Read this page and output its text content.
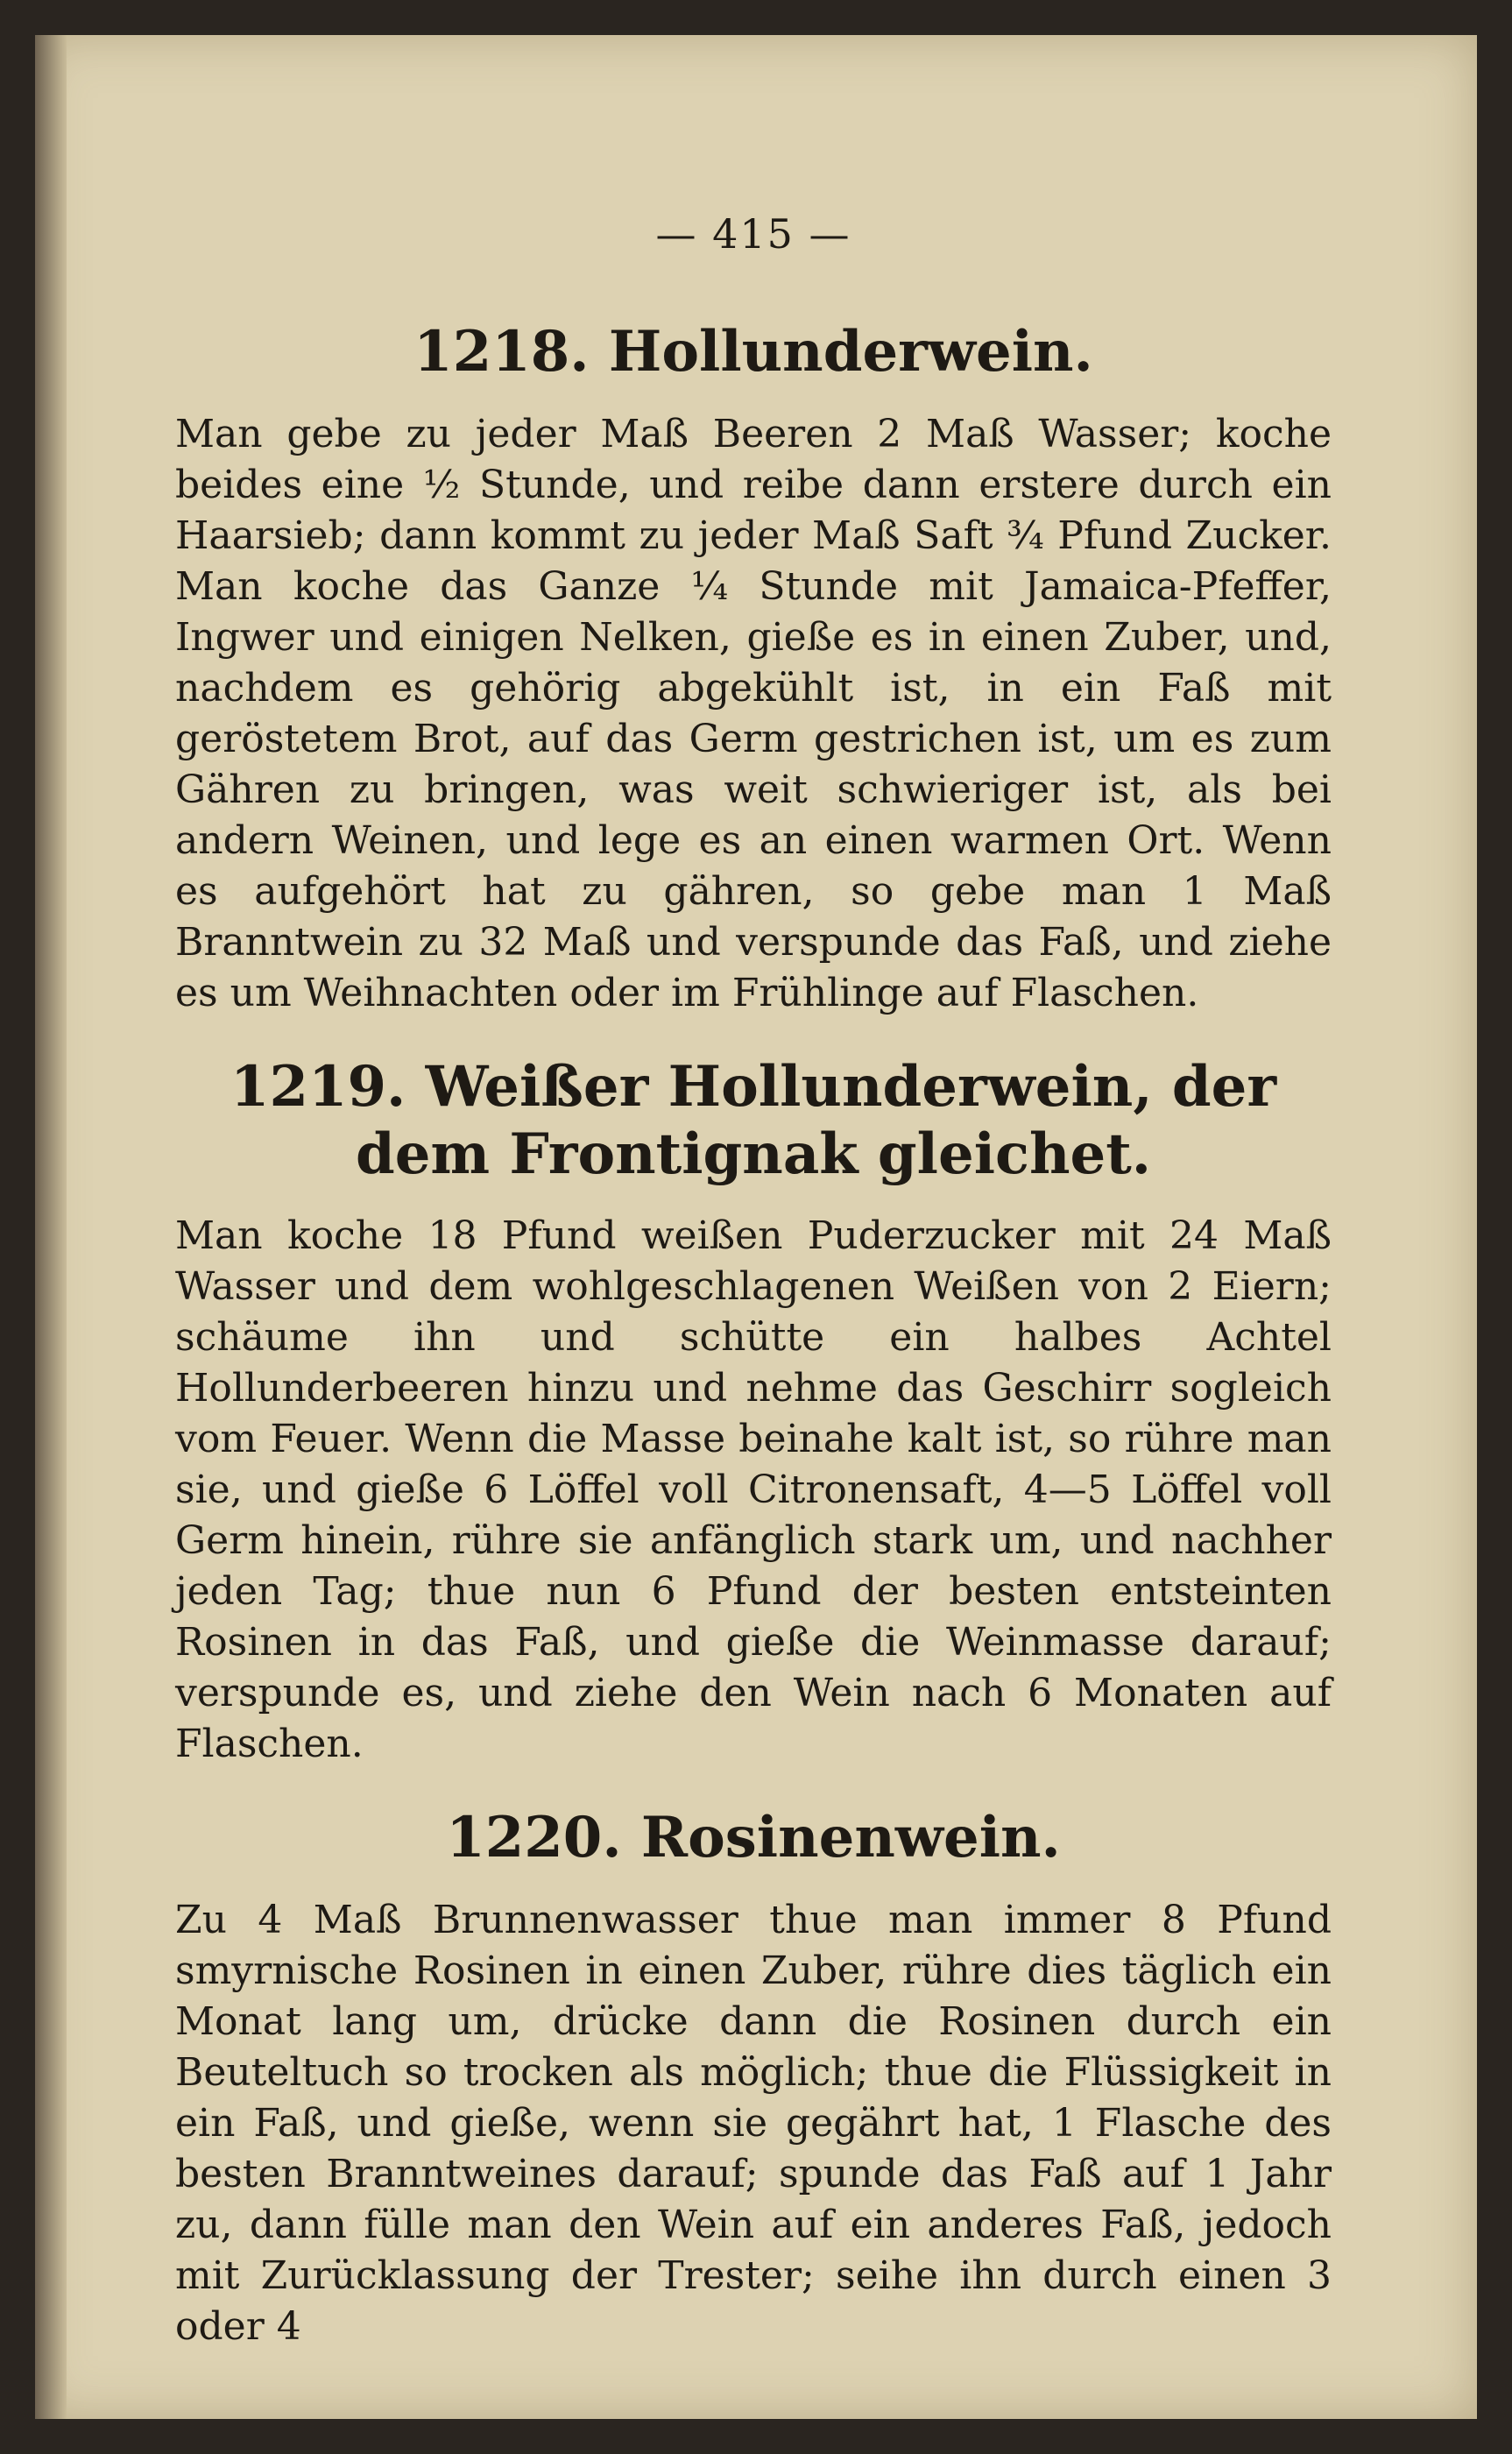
— 415 —
1218. Hollunderwein.

Man gebe zu jeder Maß Beeren 2 Maß Wasser; koche beides eine ½ Stunde, und reibe dann erstere durch ein Haarsieb; dann kommt zu jeder Maß Saft ¾ Pfund Zucker. Man koche das Ganze ¼ Stunde mit Jamaica-Pfeffer, Ingwer und einigen Nelken, gieße es in einen Zuber, und, nachdem es gehörig abgekühlt ist, in ein Faß mit geröstetem Brot, auf das Germ gestrichen ist, um es zum Gähren zu bringen, was weit schwieriger ist, als bei andern Weinen, und lege es an einen warmen Ort. Wenn es aufgehört hat zu gähren, so gebe man 1 Maß Branntwein zu 32 Maß und verspunde das Faß, und ziehe es um Weihnachten oder im Frühlinge auf Flaschen.

1219. Weißer Hollunderwein, der dem Frontignak gleichet.

Man koche 18 Pfund weißen Puderzucker mit 24 Maß Wasser und dem wohlgeschlagenen Weißen von 2 Eiern; schäume ihn und schütte ein halbes Achtel Hollunderbeeren hinzu und nehme das Geschirr sogleich vom Feuer. Wenn die Masse beinahe kalt ist, so rühre man sie, und gieße 6 Löffel voll Citronensaft, 4—5 Löffel voll Germ hinein, rühre sie anfänglich stark um, und nachher jeden Tag; thue nun 6 Pfund der besten entsteinten Rosinen in das Faß, und gieße die Weinmasse darauf; verspunde es, und ziehe den Wein nach 6 Monaten auf Flaschen.

1220. Rosinenwein.

Zu 4 Maß Brunnenwasser thue man immer 8 Pfund smyrnische Rosinen in einen Zuber, rühre dies täglich ein Monat lang um, drücke dann die Rosinen durch ein Beuteltuch so trocken als möglich; thue die Flüssigkeit in ein Faß, und gieße, wenn sie gegährt hat, 1 Flasche des besten Branntweines darauf; spunde das Faß auf 1 Jahr zu, dann fülle man den Wein auf ein anderes Faß, jedoch mit Zurücklassung der Trester; seihe ihn durch einen 3 oder 4
